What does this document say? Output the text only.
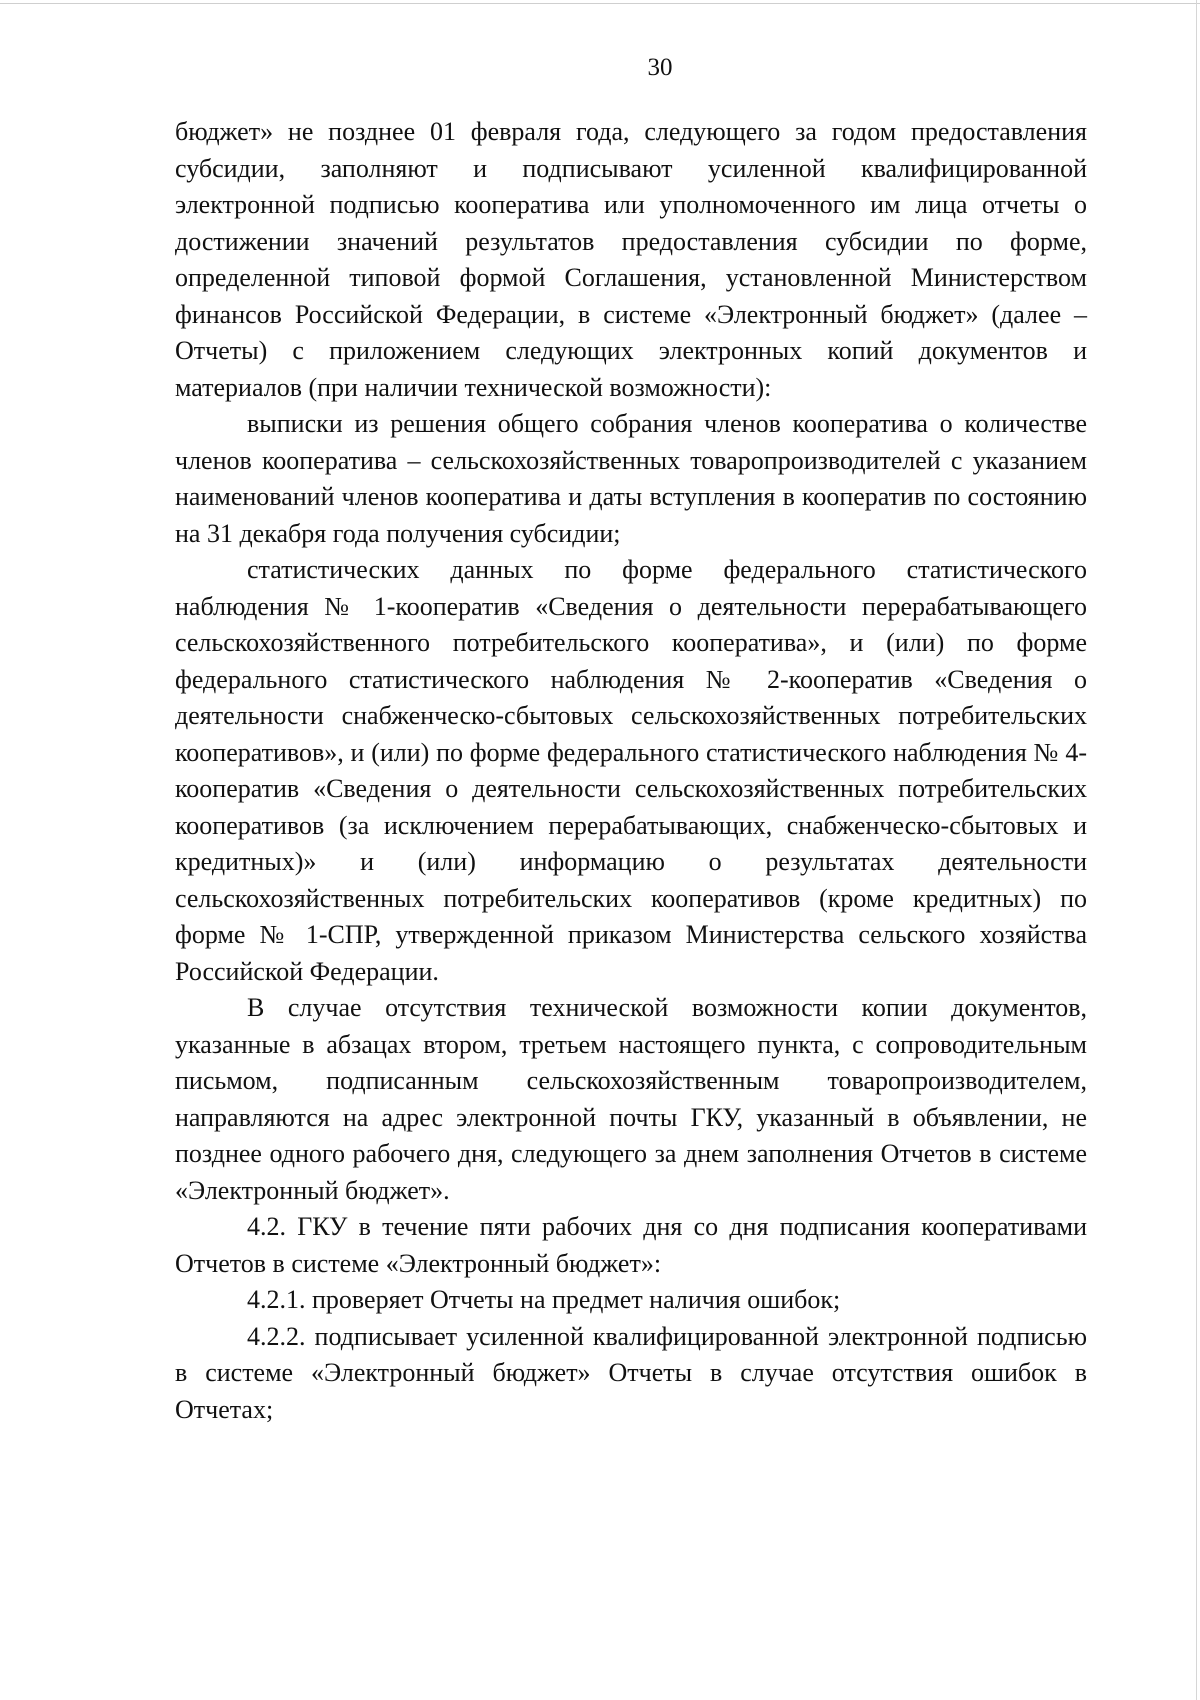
30

бюджет» не позднее 01 февраля года, следующего за годом предоставления субсидии, заполняют и подписывают усиленной квалифицированной электронной подписью кооператива или уполномоченного им лица отчеты о достижении значений результатов предоставления субсидии по форме, определенной типовой формой Соглашения, установленной Министерством финансов Российской Федерации, в системе «Электронный бюджет» (далее – Отчеты) с приложением следующих электронных копий документов и материалов (при наличии технической возможности):

выписки из решения общего собрания членов кооператива о количестве членов кооператива – сельскохозяйственных товаропроизводителей с указанием наименований членов кооператива и даты вступления в кооператив по состоянию на 31 декабря года получения субсидии;

статистических данных по форме федерального статистического наблюдения № 1-кооператив «Сведения о деятельности перерабатывающего сельскохозяйственного потребительского кооператива», и (или) по форме федерального статистического наблюдения № 2-кооператив «Сведения о деятельности снабженческо-сбытовых сельскохозяйственных потребительских кооперативов», и (или) по форме федерального статистического наблюдения № 4-кооператив «Сведения о деятельности сельскохозяйственных потребительских кооперативов (за исключением перерабатывающих, снабженческо-сбытовых и кредитных)» и (или) информацию о результатах деятельности сельскохозяйственных потребительских кооперативов (кроме кредитных) по форме № 1-СПР, утвержденной приказом Министерства сельского хозяйства Российской Федерации.

В случае отсутствия технической возможности копии документов, указанные в абзацах втором, третьем настоящего пункта, с сопроводительным письмом, подписанным сельскохозяйственным товаропроизводителем, направляются на адрес электронной почты ГКУ, указанный в объявлении, не позднее одного рабочего дня, следующего за днем заполнения Отчетов в системе «Электронный бюджет».

4.2. ГКУ в течение пяти рабочих дня со дня подписания кооперативами Отчетов в системе «Электронный бюджет»:

4.2.1. проверяет Отчеты на предмет наличия ошибок;

4.2.2. подписывает усиленной квалифицированной электронной подписью в системе «Электронный бюджет» Отчеты в случае отсутствия ошибок в Отчетах;
